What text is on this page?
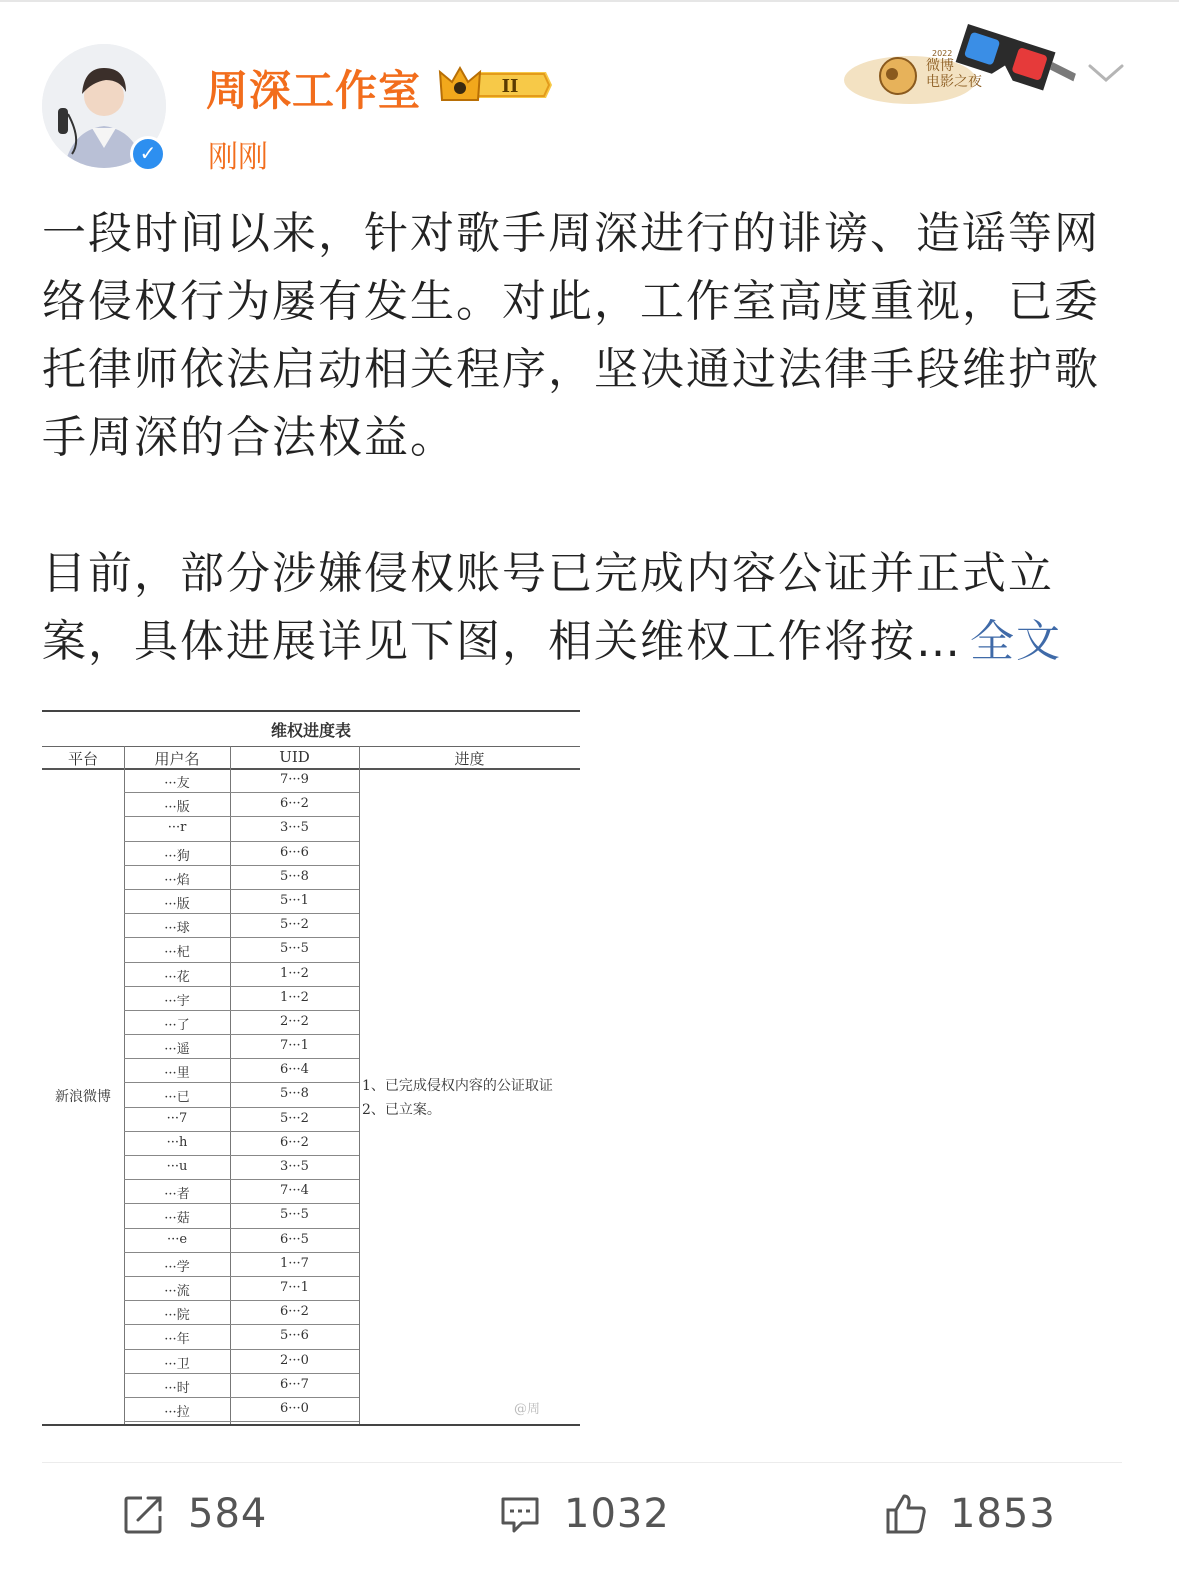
✓
周深工作室	II
刚刚
2022
微博
电影之夜

一段时间以来，针对歌手周深进行的诽谤、造谣等网络侵权行为屡有发生。对此，工作室高度重视，已委托律师依法启动相关程序，坚决通过法律手段维护歌手周深的合法权益。

目前，部分涉嫌侵权账号已完成内容公证并正式立案，具体进展详见下图，相关维权工作将按… 全文

维权进度表
平台	用户名	UID	进度
···友	7···9
···版	6···2
···r	3···5
···狗	6···6
···焰	5···8
···版	5···1
···球	5···2
···杞	5···5
···花	1···2
···宇	1···2
···了	2···2
···遥	7···1
···里	6···4
···已	5···8
···7	5···2
···h	6···2
···u	3···5
···者	7···4
···菇	5···5
···e	6···5
···学	1···7
···流	7···1
···院	6···2
···年	5···6
···卫	2···0
···时	6···7
···拉	6···0
新浪微博
1、已完成侵权内容的公证取证
2、已立案。
@周
584	1032	1853
